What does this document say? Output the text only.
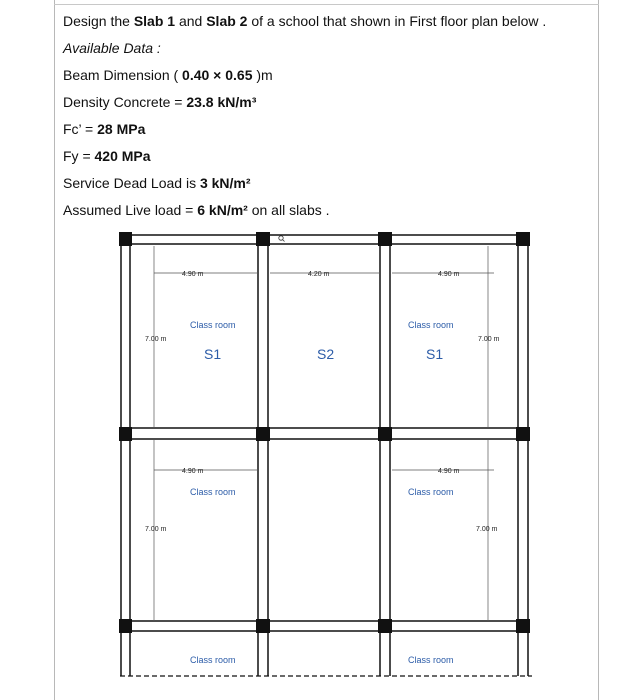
Design the Slab 1 and Slab 2 of a school that shown in First floor plan below .
Available Data :
Beam Dimension ( 0.40 × 0.65 )m
Density Concrete = 23.8 kN/m³
Fc’ = 28 MPa
Fy = 420 MPa
Service Dead Load is 3 kN/m²
Assumed Live load = 6 kN/m² on all slabs .
4.90 m	4.20 m	4.90 m
4.90 m	4.90 m
7.00 m	7.00 m
7.00 m	7.00 m
Class room	Class room
Class room	Class room
Class room	Class room
S1	S2	S1
